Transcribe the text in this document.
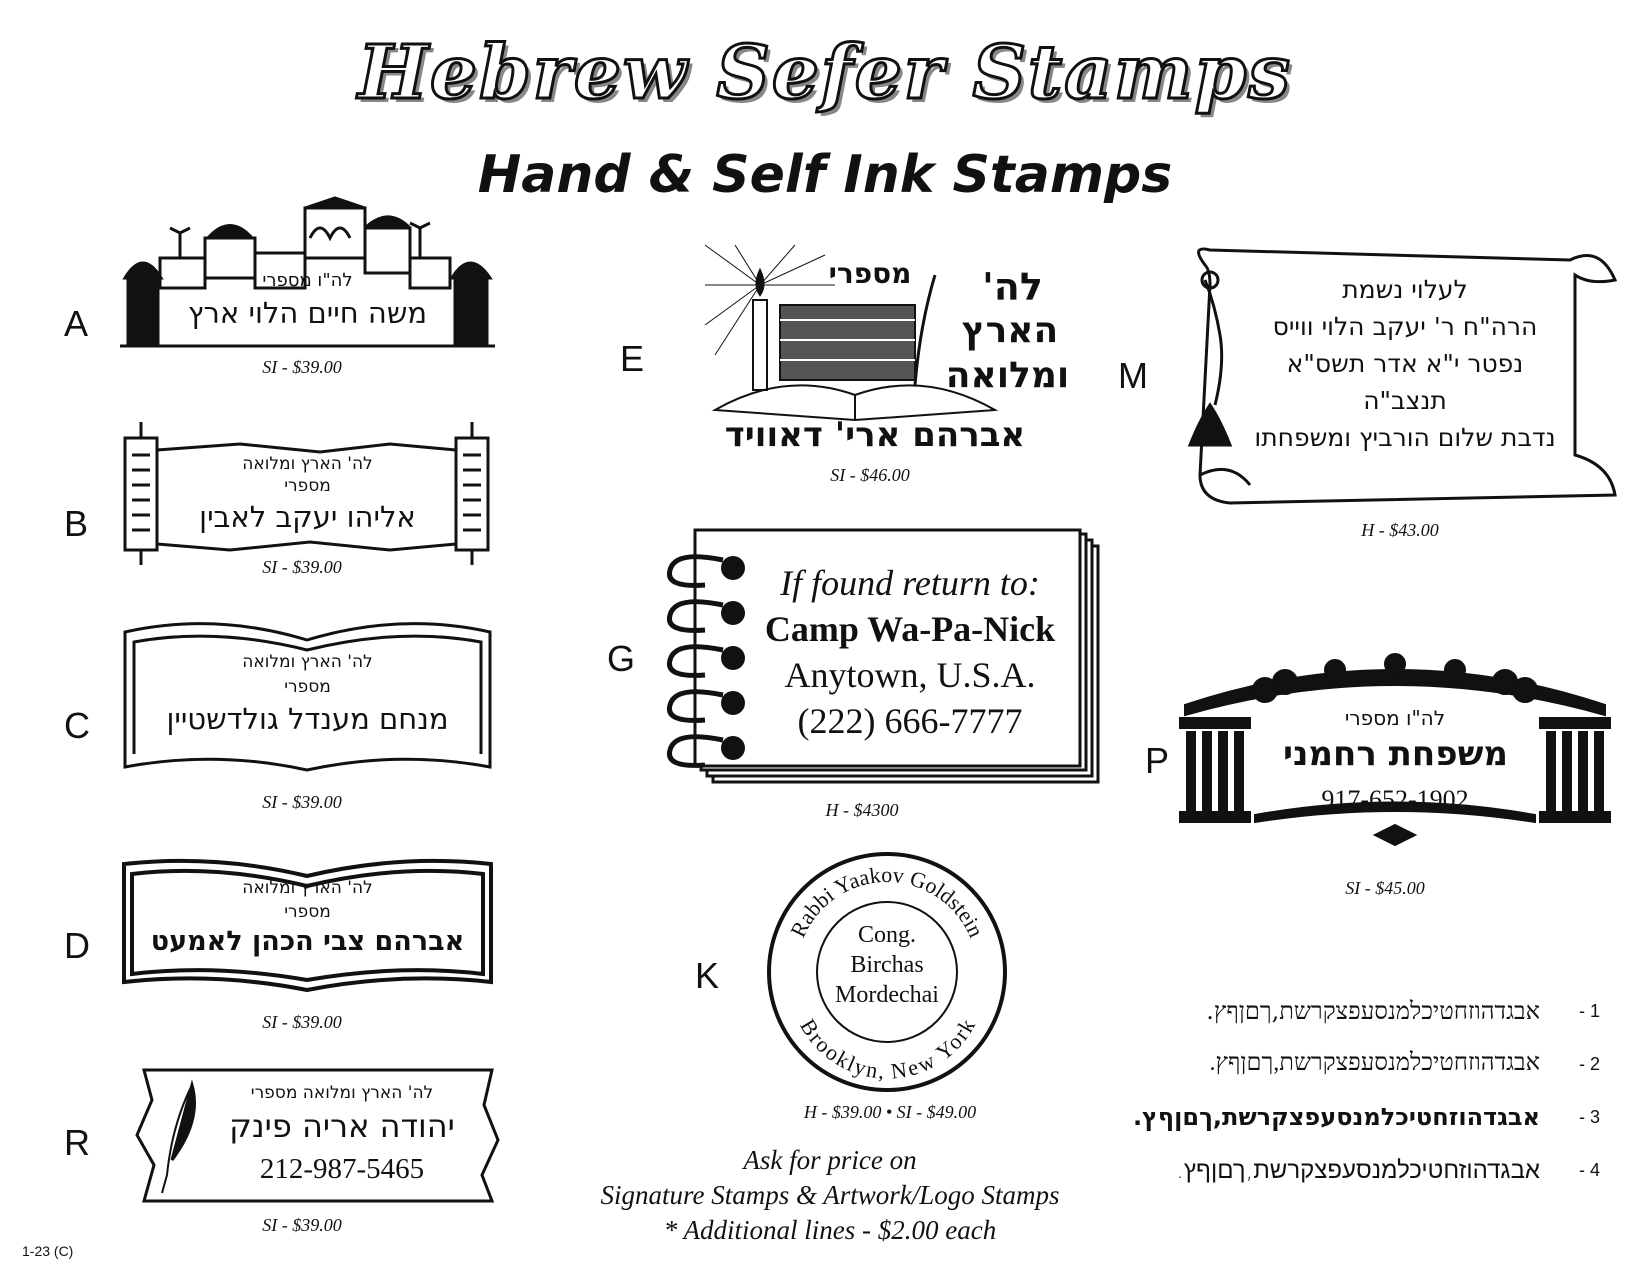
Hebrew Sefer Stamps
Hand & Self Ink Stamps
A
לה"ו מספרי
משה חיים הלוי ארץ
SI - $39.00
B
לה' הארץ ומלואה
מספרי
אליהו יעקב לאבין
SI - $39.00
C
לה' הארץ ומלואה
מספרי
מנחם מענדל גולדשטיין
SI - $39.00
D
לה' הארץ ומלואה
מספרי
אברהם צבי הכהן לאמעט
SI - $39.00
R
לה' הארץ ומלואה מספרי
יהודה אריה פינק
212-987-5465
SI - $39.00
E
מספרי	לה'
הארץ
ומלואה
אברהם ארי' דאוויד
SI - $46.00
G
If found return to:
Camp Wa-Pa-Nick
Anytown, U.S.A.
(222) 666-7777
H - $4300
K
Rabbi Yaakov Goldstein
Brooklyn, New York
Cong.
Birchas
Mordechai
H - $39.00 • SI - $49.00
M
לעלוי נשמת
הרה"ח ר' יעקב הלוי ווייס
נפטר י"א אדר תשס"א
תנצב"ה
נדבת שלום הורביץ ומשפחתו
H - $43.00
P
לה"ו מספרי
משפחת רחמני
917-652-1902
SI - $45.00
אבגדהוזחטיכלמנסעפצקרשת,ךםןףץ. - 1
אבגדהוזחטיכלמנסעפצקרשת,ךםןףץ. - 2
אבגדהוזחטיכלמנסעפצקרשת,ךםןףץ. - 3
אבגדהוזחטיכלמנסעפצקרשת,ךםןףץ. - 4
Ask for price on
Signature Stamps & Artwork/Logo Stamps
* Additional lines - $2.00 each
1-23 (C)
